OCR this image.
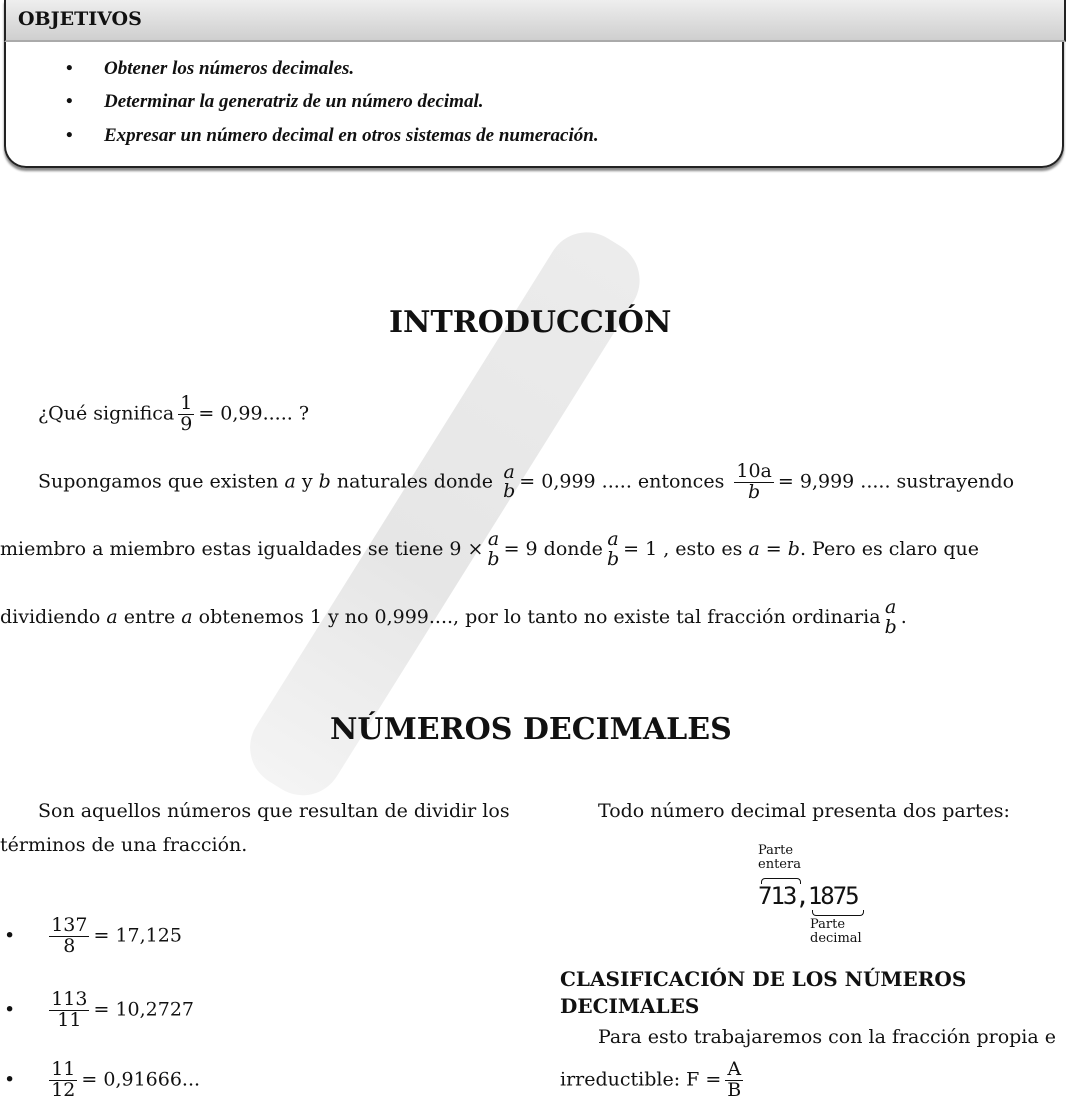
OBJETIVOS
• Obtener los números decimales.
• Determinar la generatriz de un número decimal.
• Expresar un número decimal en otros sistemas de numeración.
INTRODUCCIÓN
¿Qué significa $\frac{1}{9} = 0,99$..... ?
Supongamos que existen a y b naturales donde a
b = 0,999 ..... entonces $\frac{10a}{b} = 9,999$ ..... sustrayendo
miembro a miembro estas igualdades se tiene 9 × a
b = 9 donde a
b = 1 , esto es a = b. Pero es claro que
dividiendo a entre a obtenemos 1 y no 0,999...., por lo tanto no existe tal fracción ordinaria a
b .
NÚMEROS DECIMALES
Son aquellos números que resultan de dividir los
términos de una fracción.
• $\frac{137}{8} = 17,125$
• $\frac{113}{11} = 10,2727$
• $\frac{11}{12} = 0,91666$...
Todo número decimal presenta dos partes:
Parte entera
713,1875
Parte decimal
CLASIFICACIÓN DE LOS NÚMEROS DECIMALES
Para esto trabajaremos con la fracción propia e
irreductible: $F = \frac{A}{B}$
